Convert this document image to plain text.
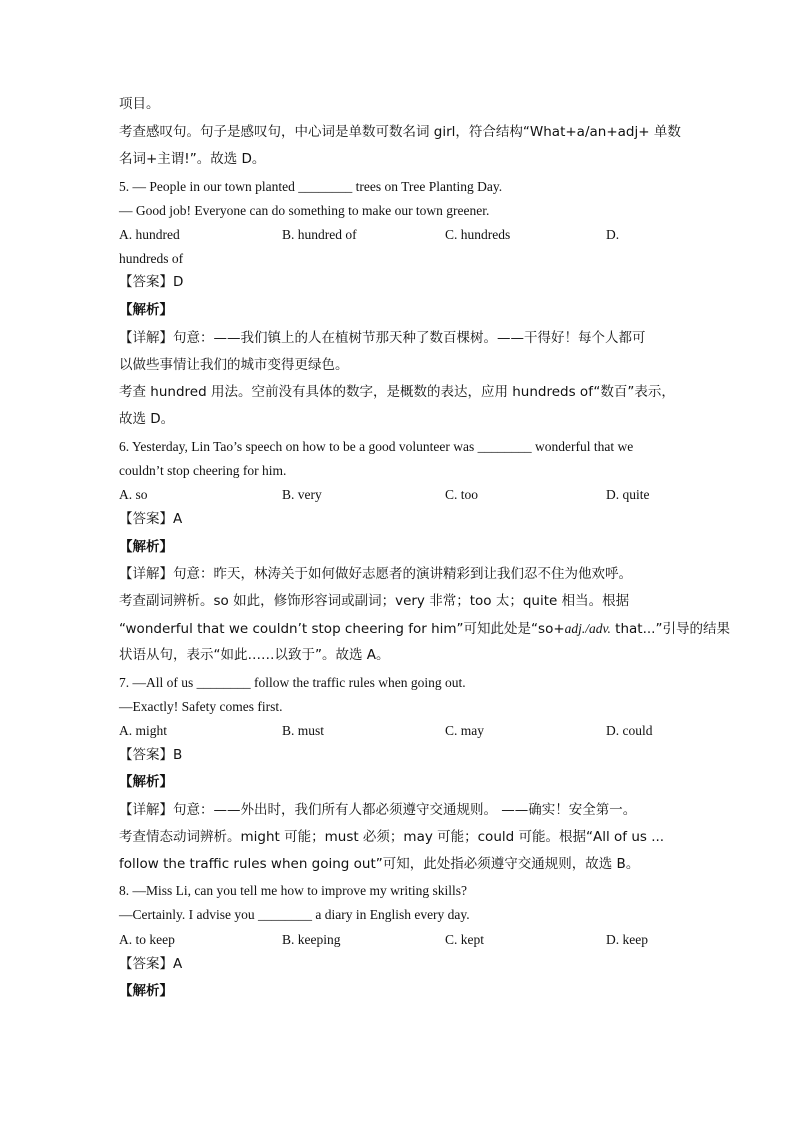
项目。
考查感叹句。句子是感叹句，中心词是单数可数名词 girl，符合结构“What+a/an+adj+ 单数
名词+主谓!”。故选 D。
5. — People in our town planted ________ trees on Tree Planting Day.
— Good job! Everyone can do something to make our town greener.
A. hundred	B. hundred of	C. hundreds	D.
hundreds of
【答案】D
【解析】
【详解】句意：——我们镇上的人在植树节那天种了数百棵树。——干得好！每个人都可
以做些事情让我们的城市变得更绿色。
考查 hundred 用法。空前没有具体的数字，是概数的表达，应用 hundreds of“数百”表示，
故选 D。
6. Yesterday, Lin Tao’s speech on how to be a good volunteer was ________ wonderful that we
couldn’t stop cheering for him.
A. so	B. very	C. too	D. quite
【答案】A
【解析】
【详解】句意：昨天，林涛关于如何做好志愿者的演讲精彩到让我们忍不住为他欢呼。
考查副词辨析。so 如此，修饰形容词或副词；very 非常；too 太；quite 相当。根据
“wonderful that we couldn’t stop cheering for him”可知此处是“so+adj./adv. that...”引导的结果
状语从句，表示“如此……以致于”。故选 A。
7. —All of us ________ follow the traffic rules when going out.
—Exactly! Safety comes first.
A. might	B. must	C. may	D. could
【答案】B
【解析】
【详解】句意：——外出时，我们所有人都必须遵守交通规则。 ——确实！安全第一。
考查情态动词辨析。might 可能；must 必须；may 可能；could 可能。根据“All of us ...
follow the traffic rules when going out”可知，此处指必须遵守交通规则，故选 B。
8. —Miss Li, can you tell me how to improve my writing skills?
—Certainly. I advise you ________ a diary in English every day.
A. to keep	B. keeping	C. kept	D. keep
【答案】A
【解析】
